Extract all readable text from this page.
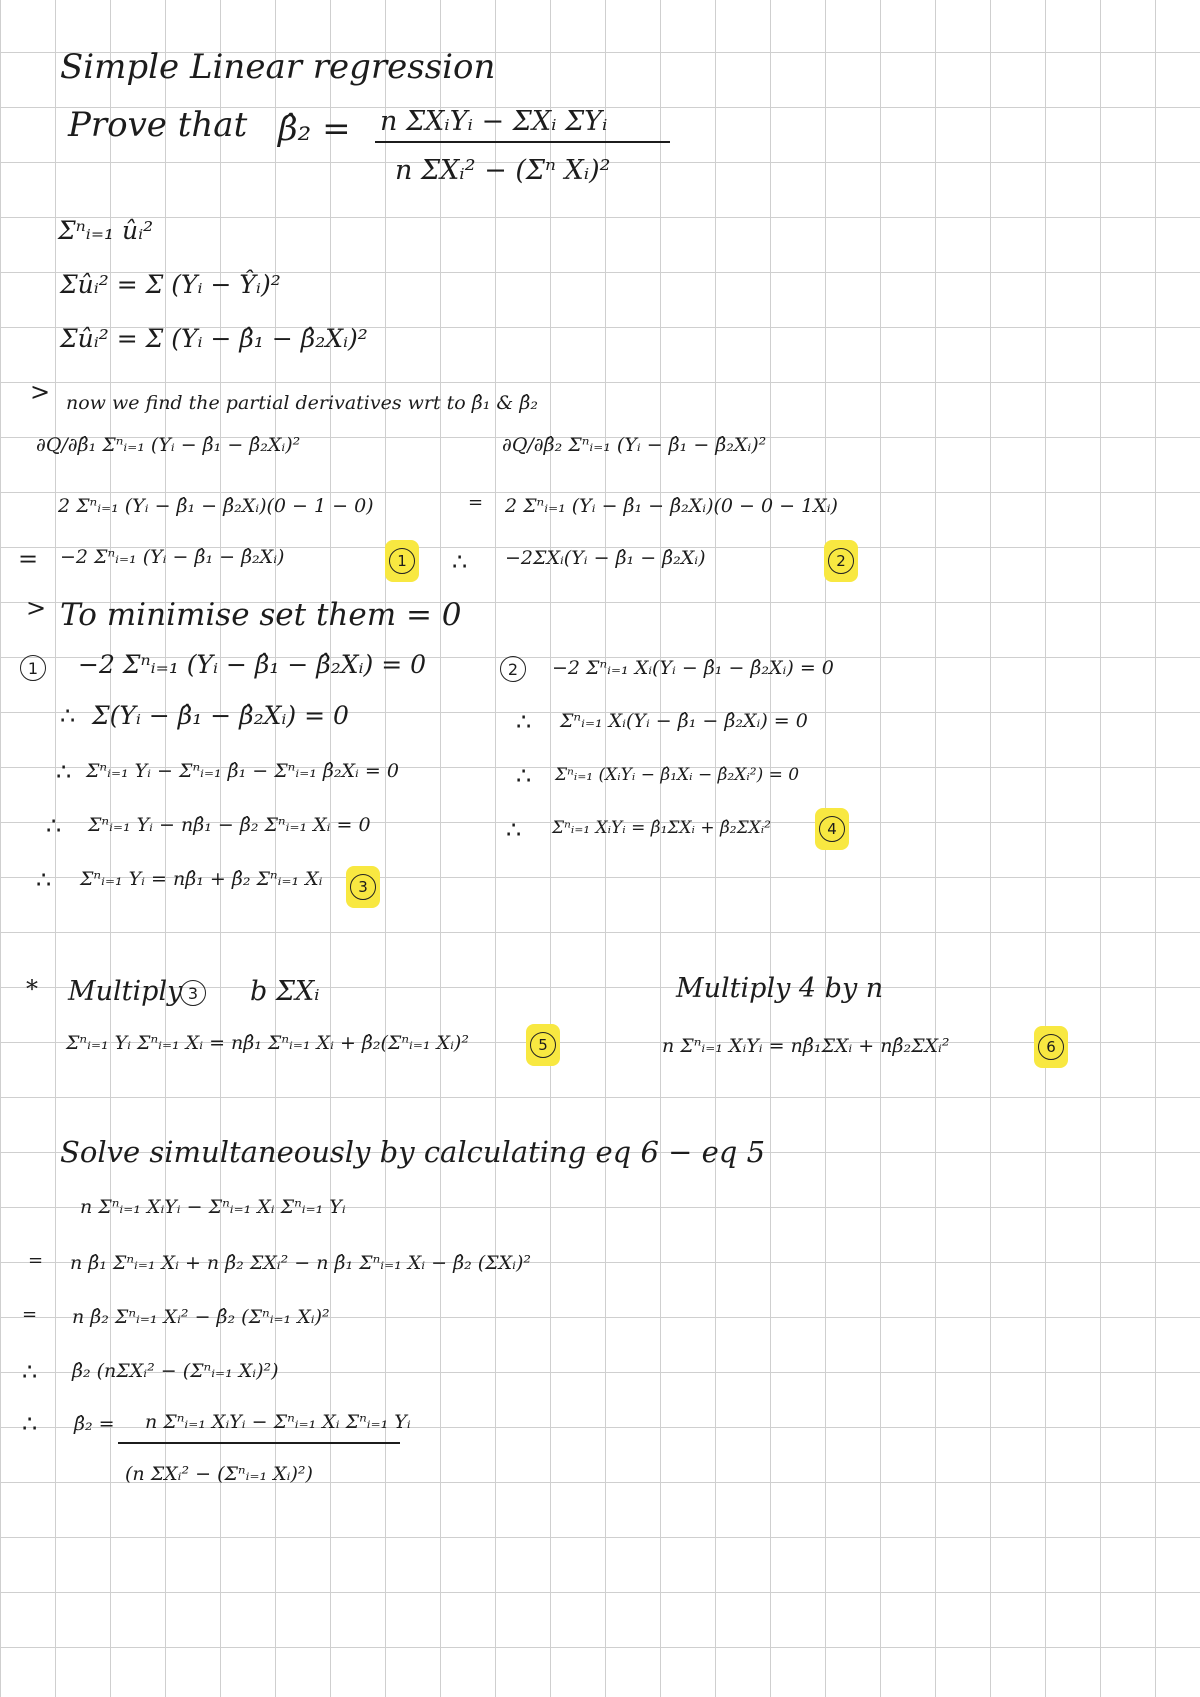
Simple Linear regression
Prove that β̂₂ = n ΣXᵢYᵢ − ΣXᵢ ΣYᵢ
n ΣXᵢ² − (Σⁿ Xᵢ)²
Σⁿᵢ₌₁ ûᵢ²
Σûᵢ² = Σ (Yᵢ − Ŷᵢ)²
Σûᵢ² = Σ (Yᵢ − β̂₁ − β̂₂Xᵢ)²
> now we find the partial derivatives wrt to β̂₁ & β̂₂
∂Q/∂β̂₁ Σⁿᵢ₌₁ (Yᵢ − β̂₁ − β̂₂Xᵢ)²	∂Q/∂β̂₂ Σⁿᵢ₌₁ (Yᵢ − β̂₁ − β̂₂Xᵢ)²
2 Σⁿᵢ₌₁ (Yᵢ − β̂₁ − β̂₂Xᵢ)(0 − 1 − 0)	= 2 Σⁿᵢ₌₁ (Yᵢ − β̂₁ − β̂₂Xᵢ)(0 − 0 − 1Xᵢ)
= −2 Σⁿᵢ₌₁ (Yᵢ − β̂₁ − β̂₂Xᵢ)	1	∴ −2ΣXᵢ(Yᵢ − β̂₁ − β̂₂Xᵢ)	2
> To minimise set them = 0
1	−2 Σⁿᵢ₌₁ (Yᵢ − β̂₁ − β̂₂Xᵢ) = 0
∴ Σ(Yᵢ − β̂₁ − β̂₂Xᵢ) = 0
∴ Σⁿᵢ₌₁ Yᵢ − Σⁿᵢ₌₁ β̂₁ − Σⁿᵢ₌₁ β̂₂Xᵢ = 0
∴ Σⁿᵢ₌₁ Yᵢ − nβ̂₁ − β̂₂ Σⁿᵢ₌₁ Xᵢ = 0
∴ Σⁿᵢ₌₁ Yᵢ = nβ̂₁ + β̂₂ Σⁿᵢ₌₁ Xᵢ	3
2	−2 Σⁿᵢ₌₁ Xᵢ(Yᵢ − β̂₁ − β̂₂Xᵢ) = 0
∴ Σⁿᵢ₌₁ Xᵢ(Yᵢ − β̂₁ − β̂₂Xᵢ) = 0
∴ Σⁿᵢ₌₁ (XᵢYᵢ − β̂₁Xᵢ − β̂₂Xᵢ²) = 0
∴ Σⁿᵢ₌₁ XᵢYᵢ = β̂₁ΣXᵢ + β̂₂ΣXᵢ²	4
* Multiply 3 b ΣXᵢ
Σⁿᵢ₌₁ Yᵢ Σⁿᵢ₌₁ Xᵢ = nβ̂₁ Σⁿᵢ₌₁ Xᵢ + β̂₂(Σⁿᵢ₌₁ Xᵢ)²	5
Multiply 4 by n
n Σⁿᵢ₌₁ XᵢYᵢ = nβ̂₁ΣXᵢ + nβ̂₂ΣXᵢ²	6
Solve simultaneously by calculating eq 6 − eq 5
n Σⁿᵢ₌₁ XᵢYᵢ − Σⁿᵢ₌₁ Xᵢ Σⁿᵢ₌₁ Yᵢ
= n β̂₁ Σⁿᵢ₌₁ Xᵢ + n β̂₂ ΣXᵢ² − n β̂₁ Σⁿᵢ₌₁ Xᵢ − β̂₂ (ΣXᵢ)²
= n β̂₂ Σⁿᵢ₌₁ Xᵢ² − β̂₂ (Σⁿᵢ₌₁ Xᵢ)²
∴ β̂₂ (nΣXᵢ² − (Σⁿᵢ₌₁ Xᵢ)²)
∴ β̂₂ = n Σⁿᵢ₌₁ XᵢYᵢ − Σⁿᵢ₌₁ Xᵢ Σⁿᵢ₌₁ Yᵢ
(n ΣXᵢ² − (Σⁿᵢ₌₁ Xᵢ)²)
